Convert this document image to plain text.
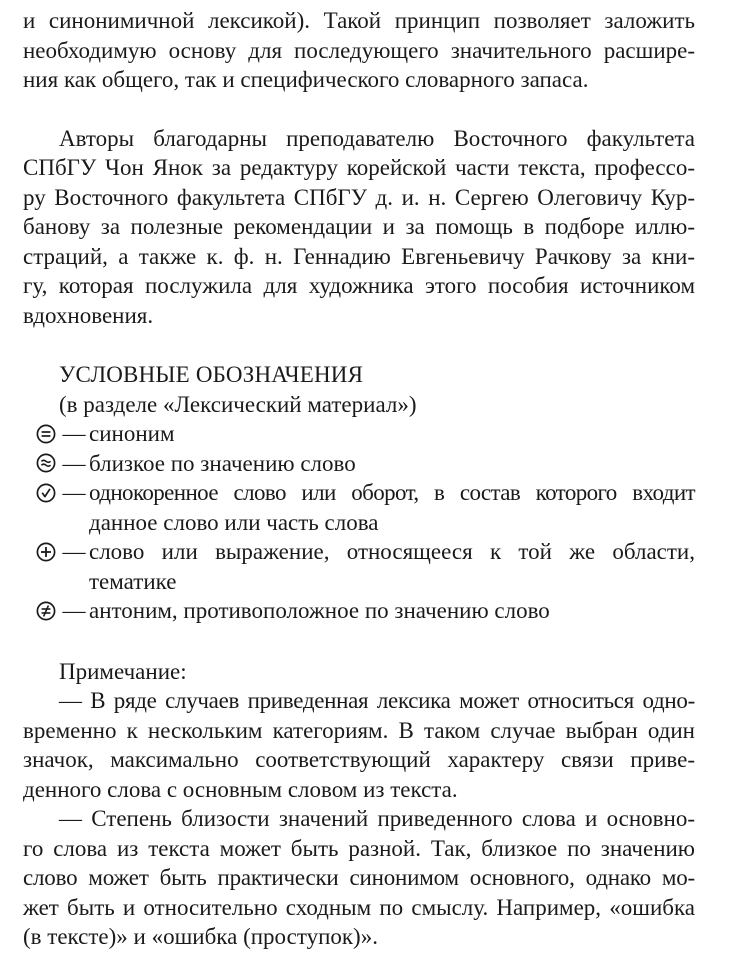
и синонимичной лексикой). Такой принцип позволяет заложить
необходимую основу для последующего значительного расшире-
ния как общего, так и специфического словарного запаса.
Авторы благодарны преподавателю Восточного факультета
СПбГУ Чон Янок за редактуру корейской части текста, профессо-
ру Восточного факультета СПбГУ д. и. н. Сергею Олеговичу Кур-
банову за полезные рекомендации и за помощь в подборе иллю-
страций, а также к. ф. н. Геннадию Евгеньевичу Рачкову за кни-
гу, которая послужила для художника этого пособия источником
вдохновения.
УСЛОВНЫЕ ОБОЗНАЧЕНИЯ
(в разделе «Лексический материал»)
— синоним
— близкое по значению слово
— однокоренное слово или оборот, в состав которого входит
данное слово или часть слова
— слово или выражение, относящееся к той же области,
тематике
— антоним, противоположное по значению слово
Примечание:
— В ряде случаев приведенная лексика может относиться одно-
временно к нескольким категориям. В таком случае выбран один
значок, максимально соответствующий характеру связи приве-
денного слова с основным словом из текста.
— Степень близости значений приведенного слова и основно-
го слова из текста может быть разной. Так, близкое по значению
слово может быть практически синонимом основного, однако мо-
жет быть и относительно сходным по смыслу. Например, «ошибка
(в тексте)» и «ошибка (проступок)».
